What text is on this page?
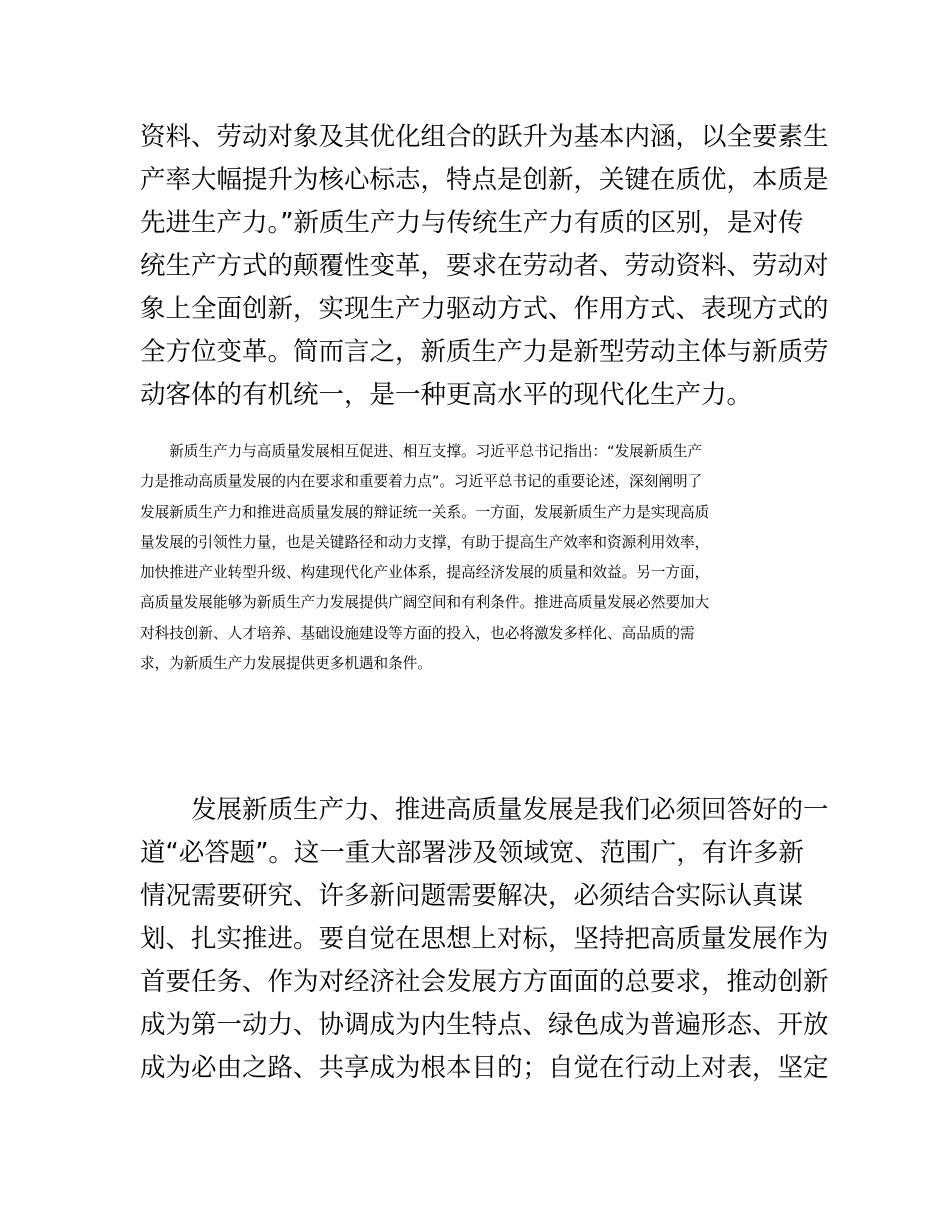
资料、劳动对象及其优化组合的跃升为基本内涵，以全要素生
产率大幅提升为核心标志，特点是创新，关键在质优，本质是
先进生产力。”新质生产力与传统生产力有质的区别，是对传
统生产方式的颠覆性变革，要求在劳动者、劳动资料、劳动对
象上全面创新，实现生产力驱动方式、作用方式、表现方式的
全方位变革。简而言之，新质生产力是新型劳动主体与新质劳
动客体的有机统一，是一种更高水平的现代化生产力。
　　新质生产力与高质量发展相互促进、相互支撑。习近平总书记指出：“发展新质生产
力是推动高质量发展的内在要求和重要着力点”。习近平总书记的重要论述，深刻阐明了
发展新质生产力和推进高质量发展的辩证统一关系。一方面，发展新质生产力是实现高质
量发展的引领性力量，也是关键路径和动力支撑，有助于提高生产效率和资源利用效率，
加快推进产业转型升级、构建现代化产业体系，提高经济发展的质量和效益。另一方面，
高质量发展能够为新质生产力发展提供广阔空间和有利条件。推进高质量发展必然要加大
对科技创新、人才培养、基础设施建设等方面的投入，也必将激发多样化、高品质的需
求，为新质生产力发展提供更多机遇和条件。
　　发展新质生产力、推进高质量发展是我们必须回答好的一
道“必答题”。这一重大部署涉及领域宽、范围广，有许多新
情况需要研究、许多新问题需要解决，必须结合实际认真谋
划、扎实推进。要自觉在思想上对标，坚持把高质量发展作为
首要任务、作为对经济社会发展方方面面的总要求，推动创新
成为第一动力、协调成为内生特点、绿色成为普遍形态、开放
成为必由之路、共享成为根本目的；自觉在行动上对表，坚定
